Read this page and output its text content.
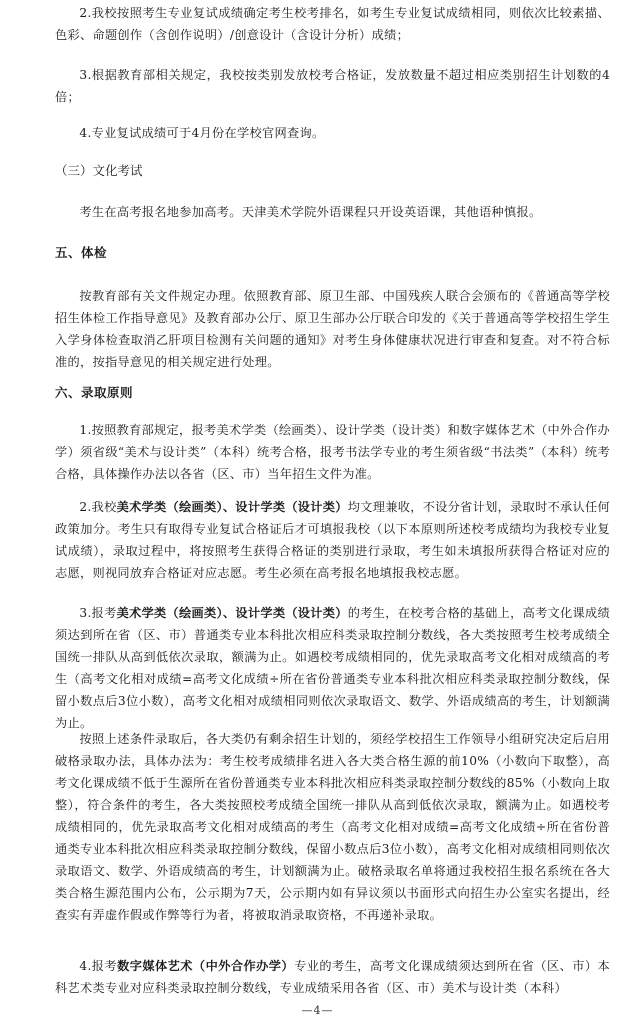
2.我校按照考生专业复试成绩确定考生校考排名，如考生专业复试成绩相同，则依次比较素描、色彩、命题创作（含创作说明）/创意设计（含设计分析）成绩；

3.根据教育部相关规定，我校按类别发放校考合格证，发放数量不超过相应类别招生计划数的4倍；

4.专业复试成绩可于4月份在学校官网查询。

（三）文化考试

考生在高考报名地参加高考。天津美术学院外语课程只开设英语课，其他语种慎报。

五、体检

按教育部有关文件规定办理。依照教育部、原卫生部、中国残疾人联合会颁布的《普通高等学校招生体检工作指导意见》及教育部办公厅、原卫生部办公厅联合印发的《关于普通高等学校招生学生入学身体检查取消乙肝项目检测有关问题的通知》对考生身体健康状况进行审查和复查。对不符合标准的，按指导意见的相关规定进行处理。

六、录取原则

1.按照教育部规定，报考美术学类（绘画类）、设计学类（设计类）和数字媒体艺术（中外合作办学）须省级“美术与设计类”（本科）统考合格，报考书法学专业的考生须省级“书法类”（本科）统考合格，具体操作办法以各省（区、市）当年招生文件为准。

2.我校美术学类（绘画类）、设计学类（设计类）均文理兼收，不设分省计划，录取时不承认任何政策加分。考生只有取得专业复试合格证后才可填报我校（以下本原则所述校考成绩均为我校专业复试成绩），录取过程中，将按照考生获得合格证的类别进行录取，考生如未填报所获得合格证对应的志愿，则视同放弃合格证对应志愿。考生必须在高考报名地填报我校志愿。

3.报考美术学类（绘画类）、设计学类（设计类）的考生，在校考合格的基础上，高考文化课成绩须达到所在省（区、市）普通类专业本科批次相应科类录取控制分数线，各大类按照考生校考成绩全国统一排队从高到低依次录取，额满为止。如遇校考成绩相同的，优先录取高考文化相对成绩高的考生（高考文化相对成绩=高考文化成绩÷所在省份普通类专业本科批次相应科类录取控制分数线，保留小数点后3位小数），高考文化相对成绩相同则依次录取语文、数学、外语成绩高的考生，计划额满为止。

按照上述条件录取后，各大类仍有剩余招生计划的，须经学校招生工作领导小组研究决定后启用破格录取办法，具体办法为：考生校考成绩排名进入各大类合格生源的前10%（小数向下取整），高考文化课成绩不低于生源所在省份普通类专业本科批次相应科类录取控制分数线的85%（小数向上取整），符合条件的考生，各大类按照校考成绩全国统一排队从高到低依次录取，额满为止。如遇校考成绩相同的，优先录取高考文化相对成绩高的考生（高考文化相对成绩=高考文化成绩÷所在省份普通类专业本科批次相应科类录取控制分数线，保留小数点后3位小数），高考文化相对成绩相同则依次录取语文、数学、外语成绩高的考生，计划额满为止。破格录取名单将通过我校招生报名系统在各大类合格生源范围内公布，公示期为7天，公示期内如有异议须以书面形式向招生办公室实名提出，经查实有弄虚作假或作弊等行为者，将被取消录取资格，不再递补录取。

4.报考数字媒体艺术（中外合作办学）专业的考生，高考文化课成绩须达到所在省（区、市）本科艺术类专业对应科类录取控制分数线，专业成绩采用各省（区、市）美术与设计类（本科）

—4—
